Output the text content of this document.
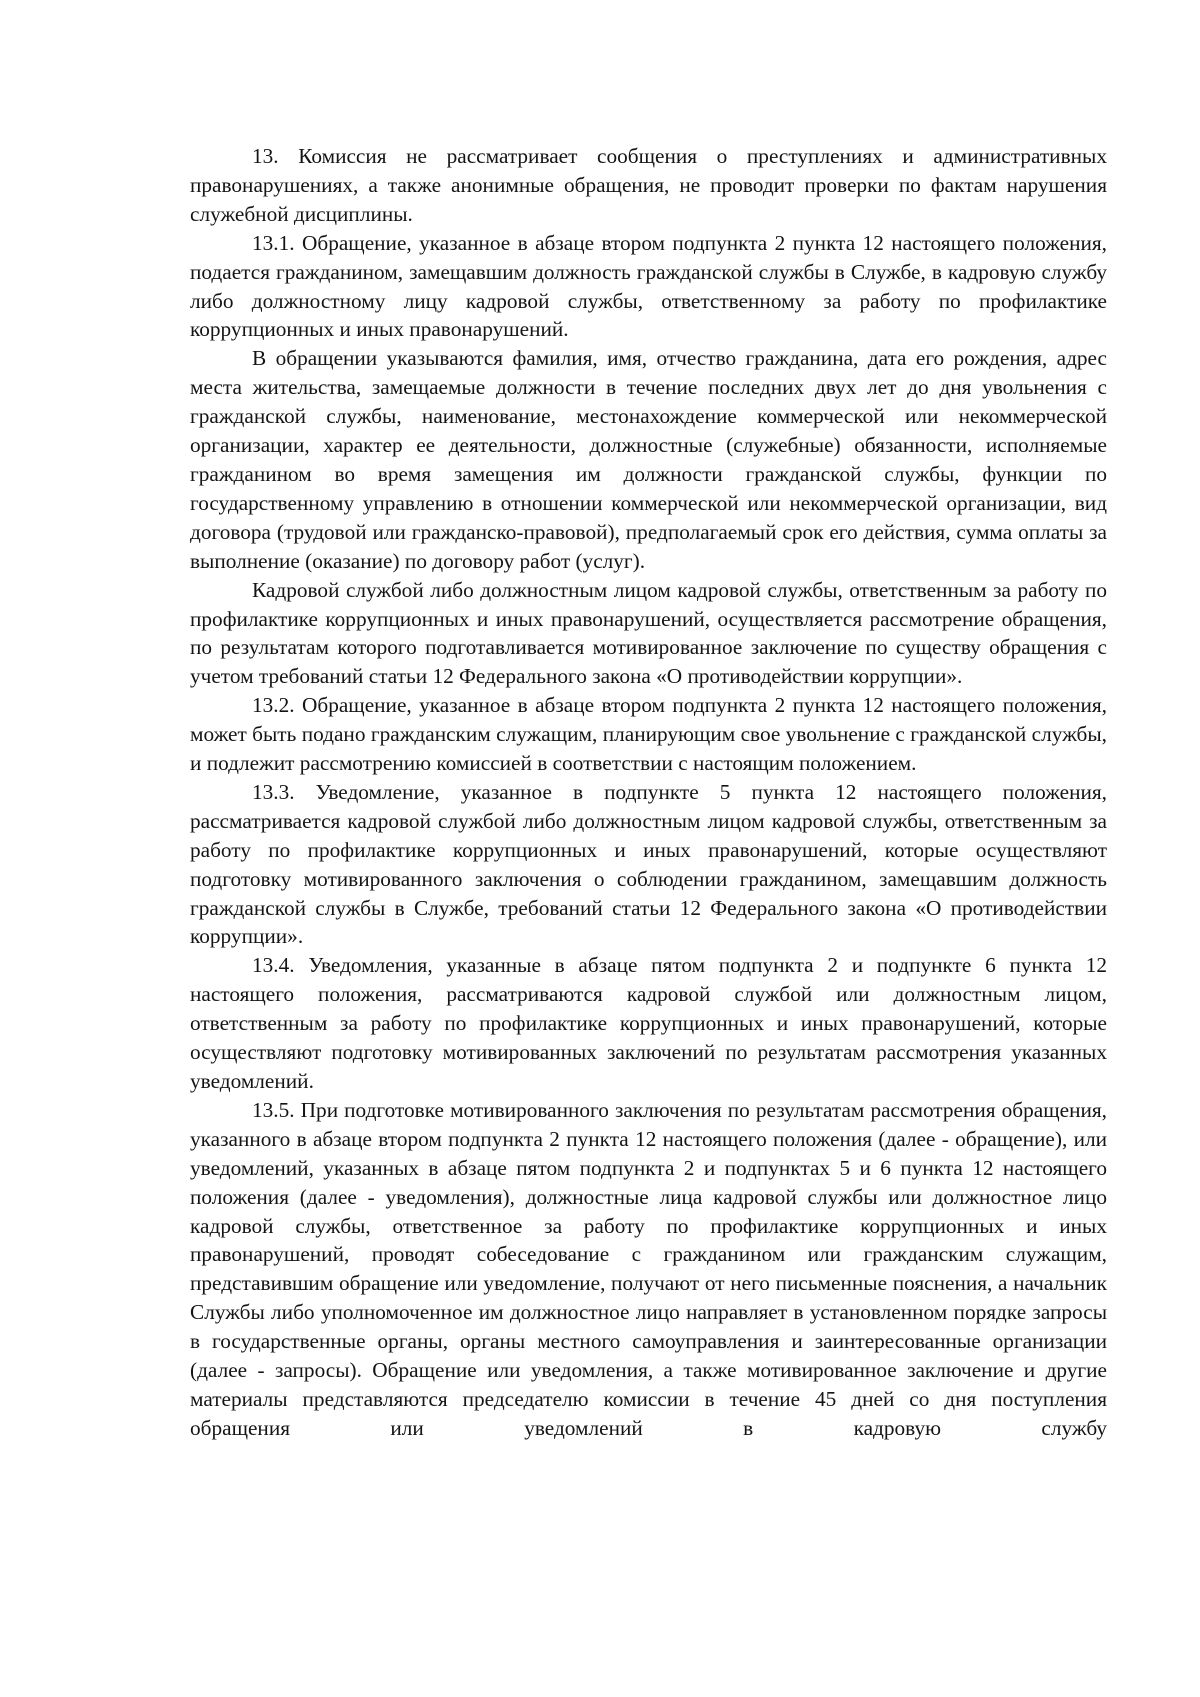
13. Комиссия не рассматривает сообщения о преступлениях и административных правонарушениях, а также анонимные обращения, не проводит проверки по фактам нарушения служебной дисциплины.

13.1. Обращение, указанное в абзаце втором подпункта 2 пункта 12 настоящего положения, подается гражданином, замещавшим должность гражданской службы в Службе, в кадровую службу либо должностному лицу кадровой службы, ответственному за работу по профилактике коррупционных и иных правонарушений.

В обращении указываются фамилия, имя, отчество гражданина, дата его рождения, адрес места жительства, замещаемые должности в течение последних двух лет до дня увольнения с гражданской службы, наименование, местонахождение коммерческой или некоммерческой организации, характер ее деятельности, должностные (служебные) обязанности, исполняемые гражданином во время замещения им должности гражданской службы, функции по государственному управлению в отношении коммерческой или некоммерческой организации, вид договора (трудовой или гражданско-правовой), предполагаемый срок его действия, сумма оплаты за выполнение (оказание) по договору работ (услуг).

Кадровой службой либо должностным лицом кадровой службы, ответственным за работу по профилактике коррупционных и иных правонарушений, осуществляется рассмотрение обращения, по результатам которого подготавливается мотивированное заключение по существу обращения с учетом требований статьи 12 Федерального закона «О противодействии коррупции».

13.2. Обращение, указанное в абзаце втором подпункта 2 пункта 12 настоящего положения, может быть подано гражданским служащим, планирующим свое увольнение с гражданской службы, и подлежит рассмотрению комиссией в соответствии с настоящим положением.

13.3. Уведомление, указанное в подпункте 5 пункта 12 настоящего положения, рассматривается кадровой службой либо должностным лицом кадровой службы, ответственным за работу по профилактике коррупционных и иных правонарушений, которые осуществляют подготовку мотивированного заключения о соблюдении гражданином, замещавшим должность гражданской службы в Службе, требований статьи 12 Федерального закона «О противодействии коррупции».

13.4. Уведомления, указанные в абзаце пятом подпункта 2 и подпункте 6 пункта 12 настоящего положения, рассматриваются кадровой службой или должностным лицом, ответственным за работу по профилактике коррупционных и иных правонарушений, которые осуществляют подготовку мотивированных заключений по результатам рассмотрения указанных уведомлений.

13.5. При подготовке мотивированного заключения по результатам рассмотрения обращения, указанного в абзаце втором подпункта 2 пункта 12 настоящего положения (далее - обращение), или уведомлений, указанных в абзаце пятом подпункта 2 и подпунктах 5 и 6 пункта 12 настоящего положения (далее - уведомления), должностные лица кадровой службы или должностное лицо кадровой службы, ответственное за работу по профилактике коррупционных и иных правонарушений, проводят собеседование с гражданином или гражданским служащим, представившим обращение или уведомление, получают от него письменные пояснения, а начальник Службы либо уполномоченное им должностное лицо направляет в установленном порядке запросы в государственные органы, органы местного самоуправления и заинтересованные организации (далее - запросы). Обращение или уведомления, а также мотивированное заключение и другие материалы представляются председателю комиссии в течение 45 дней со дня поступления обращения или уведомлений в кадровую службу
